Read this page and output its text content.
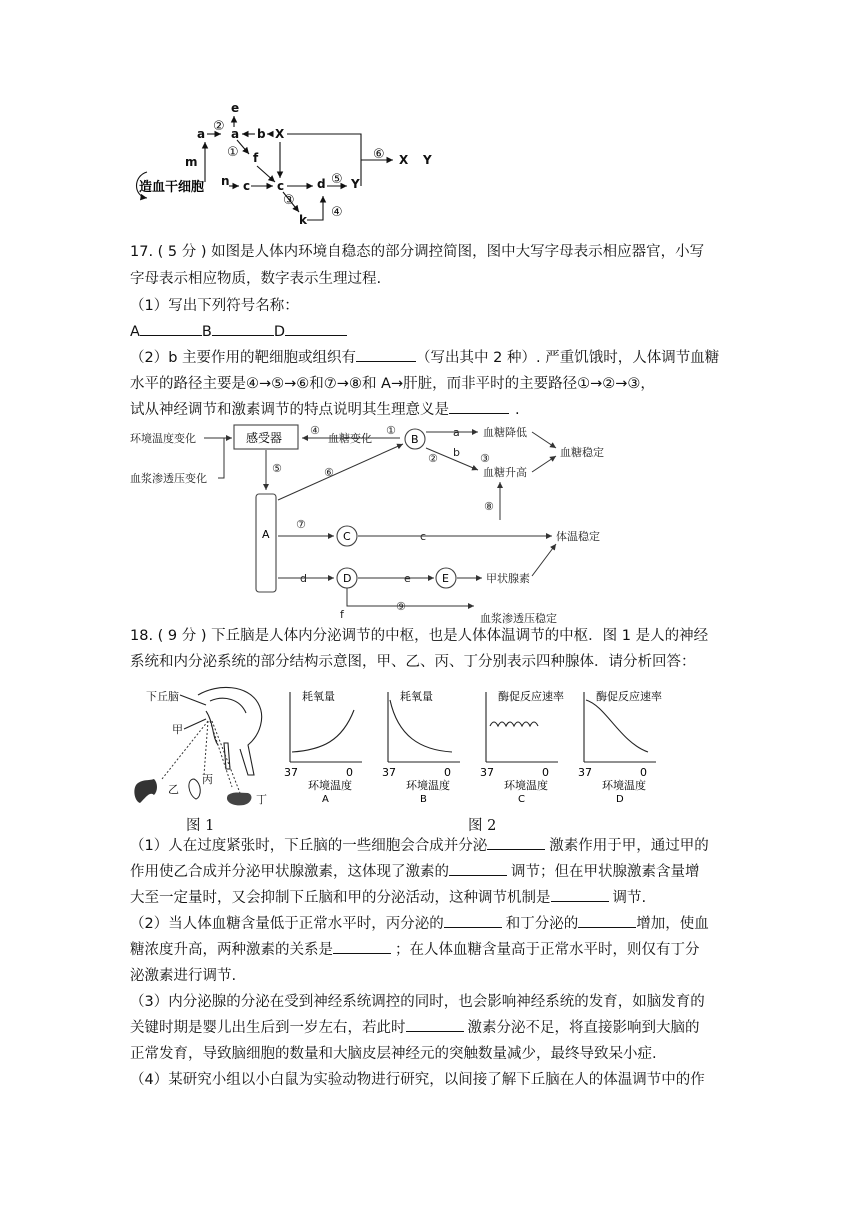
e
a b X
a
f
c	d Y
k
m
n c
X Y
②
①
③
④
⑤
⑥
造血干细胞
17. ( 5 分 ) 如图是人体内环境自稳态的部分调控简图，图中大写字母表示相应器官，小写
字母表示相应物质，数字表示生理过程.
（1）写出下列符号名称：
A	B	D
（2）b 主要作用的靶细胞或组织有	（写出其中 2 种）. 严重饥饿时，人体调节血糖
水平的路径主要是④→⑤→⑥和⑦→⑧和 A→肝脏，而非平时的主要路径①→②→③，
试从神经调节和激素调节的特点说明其生理意义是	.
环境温度变化
血浆渗透压变化
血糖变化	a
b
血糖降低
血糖升高
血糖稳定
c	体温稳定
d	e	甲状腺素
f	血浆渗透压稳定
④	①
②	③
⑤	⑥
⑦
⑧
⑨
感受器
A
B
C
D	E
18. ( 9 分 ) 下丘脑是人体内分泌调节的中枢，也是人体体温调节的中枢．图 1 是人的神经
系统和内分泌系统的部分结构示意图，甲、乙、丙、丁分别表示四种腺体．请分析回答：
下丘脑
甲
乙
丙
丁
图 1	图 2
耗氧量
37	0
环境温度
A
耗氧量
37	0
环境温度
B
酶促反应速率
37	0
环境温度
C
酶促反应速率
37	0
环境温度
D
（1）人在过度紧张时，下丘脑的一些细胞会合成并分泌	激素作用于甲，通过甲的
作用使乙合成并分泌甲状腺激素，这体现了激素的	调节；但在甲状腺激素含量增
大至一定量时，又会抑制下丘脑和甲的分泌活动，这种调节机制是	调节.
（2）当人体血糖含量低于正常水平时，丙分泌的	和丁分泌的	增加，使血
糖浓度升高，两种激素的关系是	；在人体血糖含量高于正常水平时，则仅有丁分
泌激素进行调节.
（3）内分泌腺的分泌在受到神经系统调控的同时，也会影响神经系统的发育，如脑发育的
关键时期是婴儿出生后到一岁左右，若此时	激素分泌不足，将直接影响到大脑的
正常发育，导致脑细胞的数量和大脑皮层神经元的突触数量减少，最终导致呆小症.
（4）某研究小组以小白鼠为实验动物进行研究，以间接了解下丘脑在人的体温调节中的作
